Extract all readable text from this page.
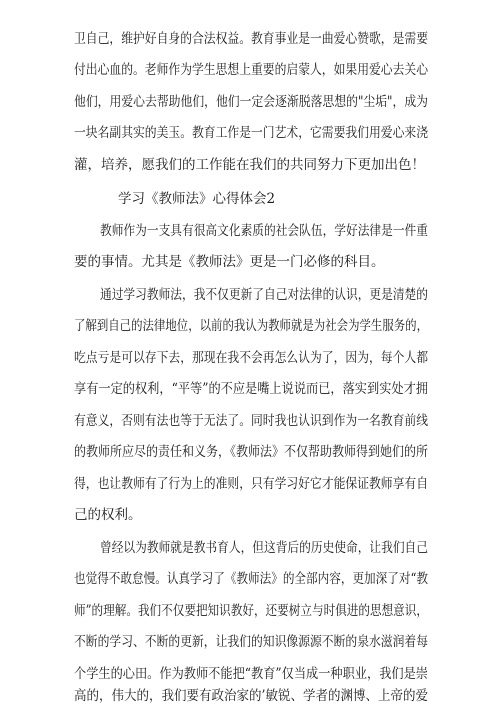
卫自己，维护好自身的合法权益。教育事业是一曲爱心赞歌，是需要
付出心血的。老师作为学生思想上重要的启蒙人，如果用爱心去关心
他们，用爱心去帮助他们，他们一定会逐渐脱落思想的"尘垢"，成为
一块名副其实的美玉。教育工作是一门艺术，它需要我们用爱心来浇
灌，培养，愿我们的工作能在我们的共同努力下更加出色！
学习《教师法》心得体会2
教师作为一支具有很高文化素质的社会队伍，学好法律是一件重
要的事情。尤其是《教师法》更是一门必修的科目。
通过学习教师法，我不仅更新了自己对法律的认识，更是清楚的
了解到自己的法律地位，以前的我认为教师就是为社会为学生服务的，
吃点亏是可以存下去，那现在我不会再怎么认为了，因为，每个人都
享有一定的权利，“平等”的不应是嘴上说说而已，落实到实处才拥
有意义，否则有法也等于无法了。同时我也认识到作为一名教育前线
的教师所应尽的责任和义务，《教师法》不仅帮助教师得到她们的所
得，也让教师有了行为上的准则，只有学习好它才能保证教师享有自
己的权利。
曾经以为教师就是教书育人，但这背后的历史使命，让我们自己
也觉得不敢怠慢。认真学习了《教师法》的全部内容，更加深了对“教
师”的理解。我们不仅要把知识教好，还要树立与时俱进的思想意识，
不断的学习、不断的更新，让我们的知识像源源不断的泉水滋润着每
个学生的心田。作为教师不能把“教育”仅当成一种职业，我们是崇
高的，伟大的，我们要有政治家的’敏锐、学者的渊博、上帝的爱
